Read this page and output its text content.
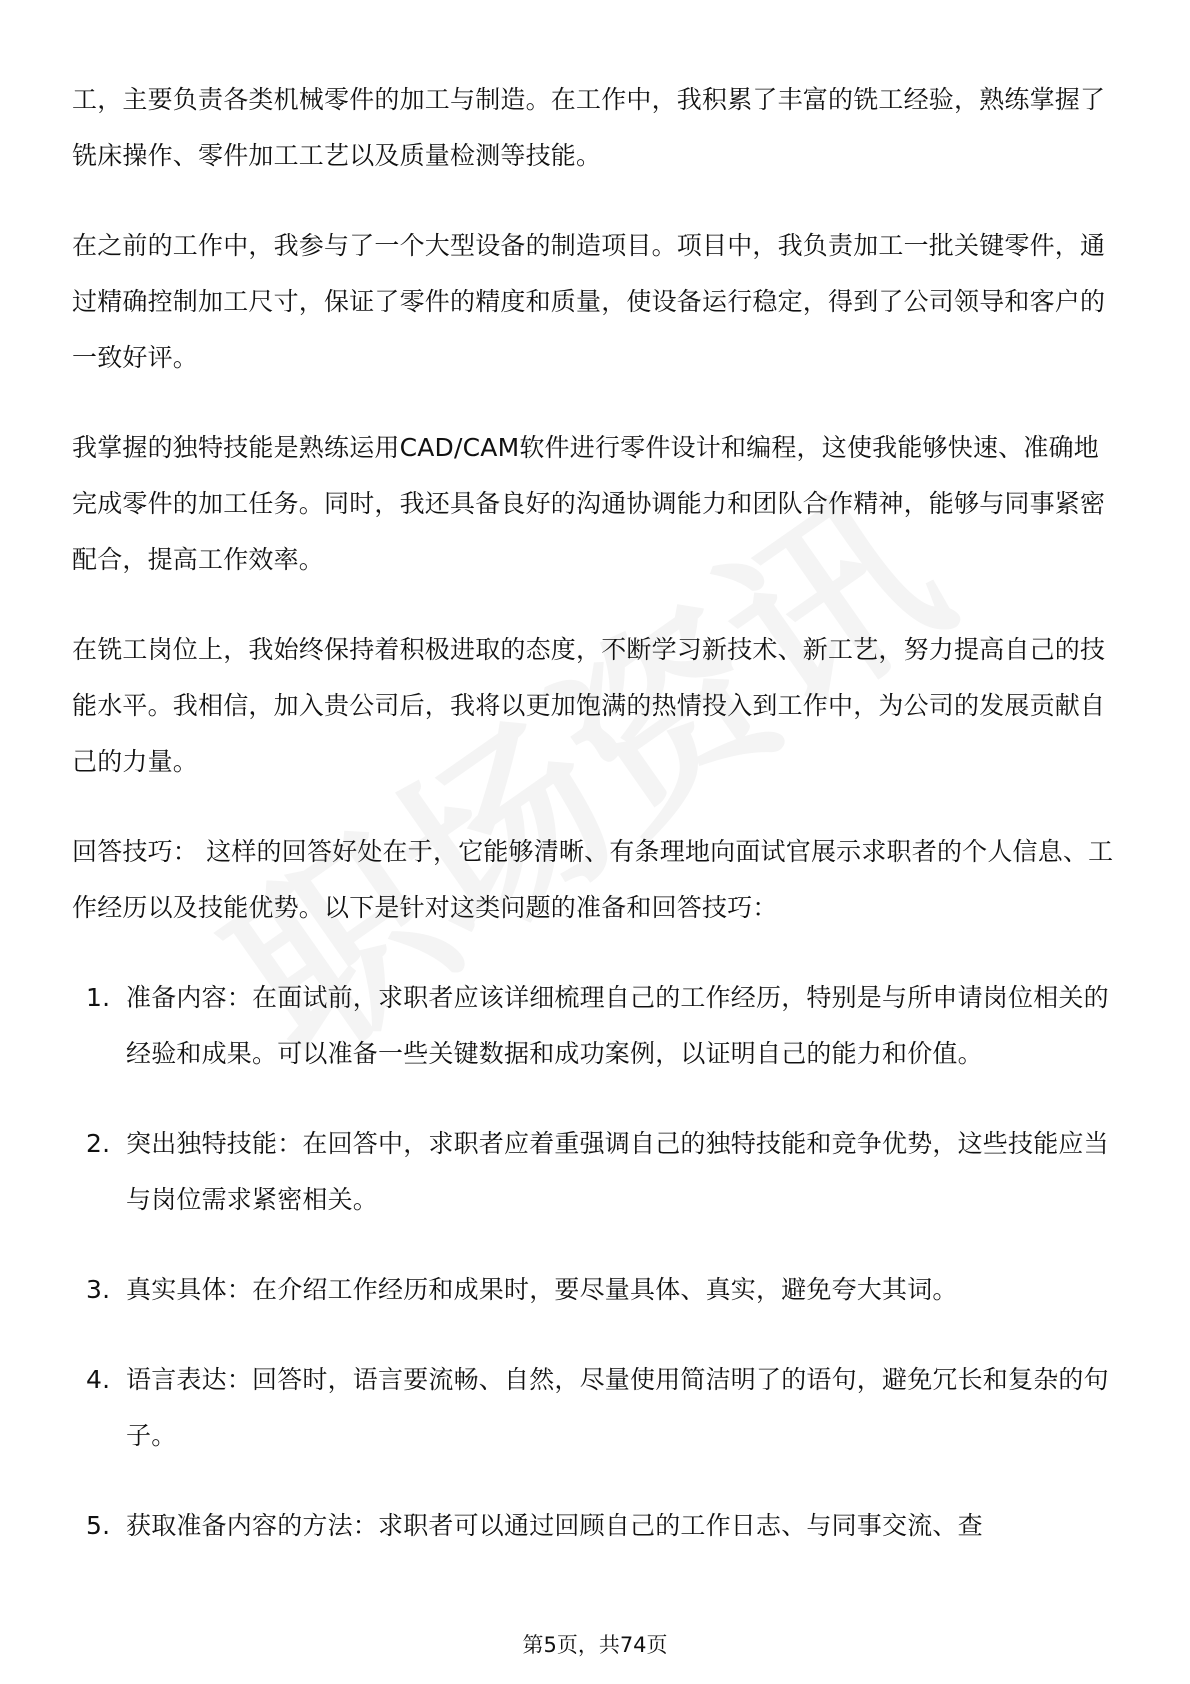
工，主要负责各类机械零件的加工与制造。在工作中，我积累了丰富的铣工经验，熟练掌握了铣床操作、零件加工工艺以及质量检测等技能。

在之前的工作中，我参与了一个大型设备的制造项目。项目中，我负责加工一批关键零件，通过精确控制加工尺寸，保证了零件的精度和质量，使设备运行稳定，得到了公司领导和客户的一致好评。

我掌握的独特技能是熟练运用CAD/CAM软件进行零件设计和编程，这使我能够快速、准确地完成零件的加工任务。同时，我还具备良好的沟通协调能力和团队合作精神，能够与同事紧密配合，提高工作效率。

在铣工岗位上，我始终保持着积极进取的态度，不断学习新技术、新工艺，努力提高自己的技能水平。我相信，加入贵公司后，我将以更加饱满的热情投入到工作中，为公司的发展贡献自己的力量。

回答技巧： 这样的回答好处在于，它能够清晰、有条理地向面试官展示求职者的个人信息、工作经历以及技能优势。以下是针对这类问题的准备和回答技巧：

1. 准备内容：在面试前，求职者应该详细梳理自己的工作经历，特别是与所申请岗位相关的经验和成果。可以准备一些关键数据和成功案例，以证明自己的能力和价值。
2. 突出独特技能：在回答中，求职者应着重强调自己的独特技能和竞争优势，这些技能应当与岗位需求紧密相关。
3. 真实具体：在介绍工作经历和成果时，要尽量具体、真实，避免夸大其词。
4. 语言表达：回答时，语言要流畅、自然，尽量使用简洁明了的语句，避免冗长和复杂的句子。
5. 获取准备内容的方法：求职者可以通过回顾自己的工作日志、与同事交流、查
第5页，共74页
